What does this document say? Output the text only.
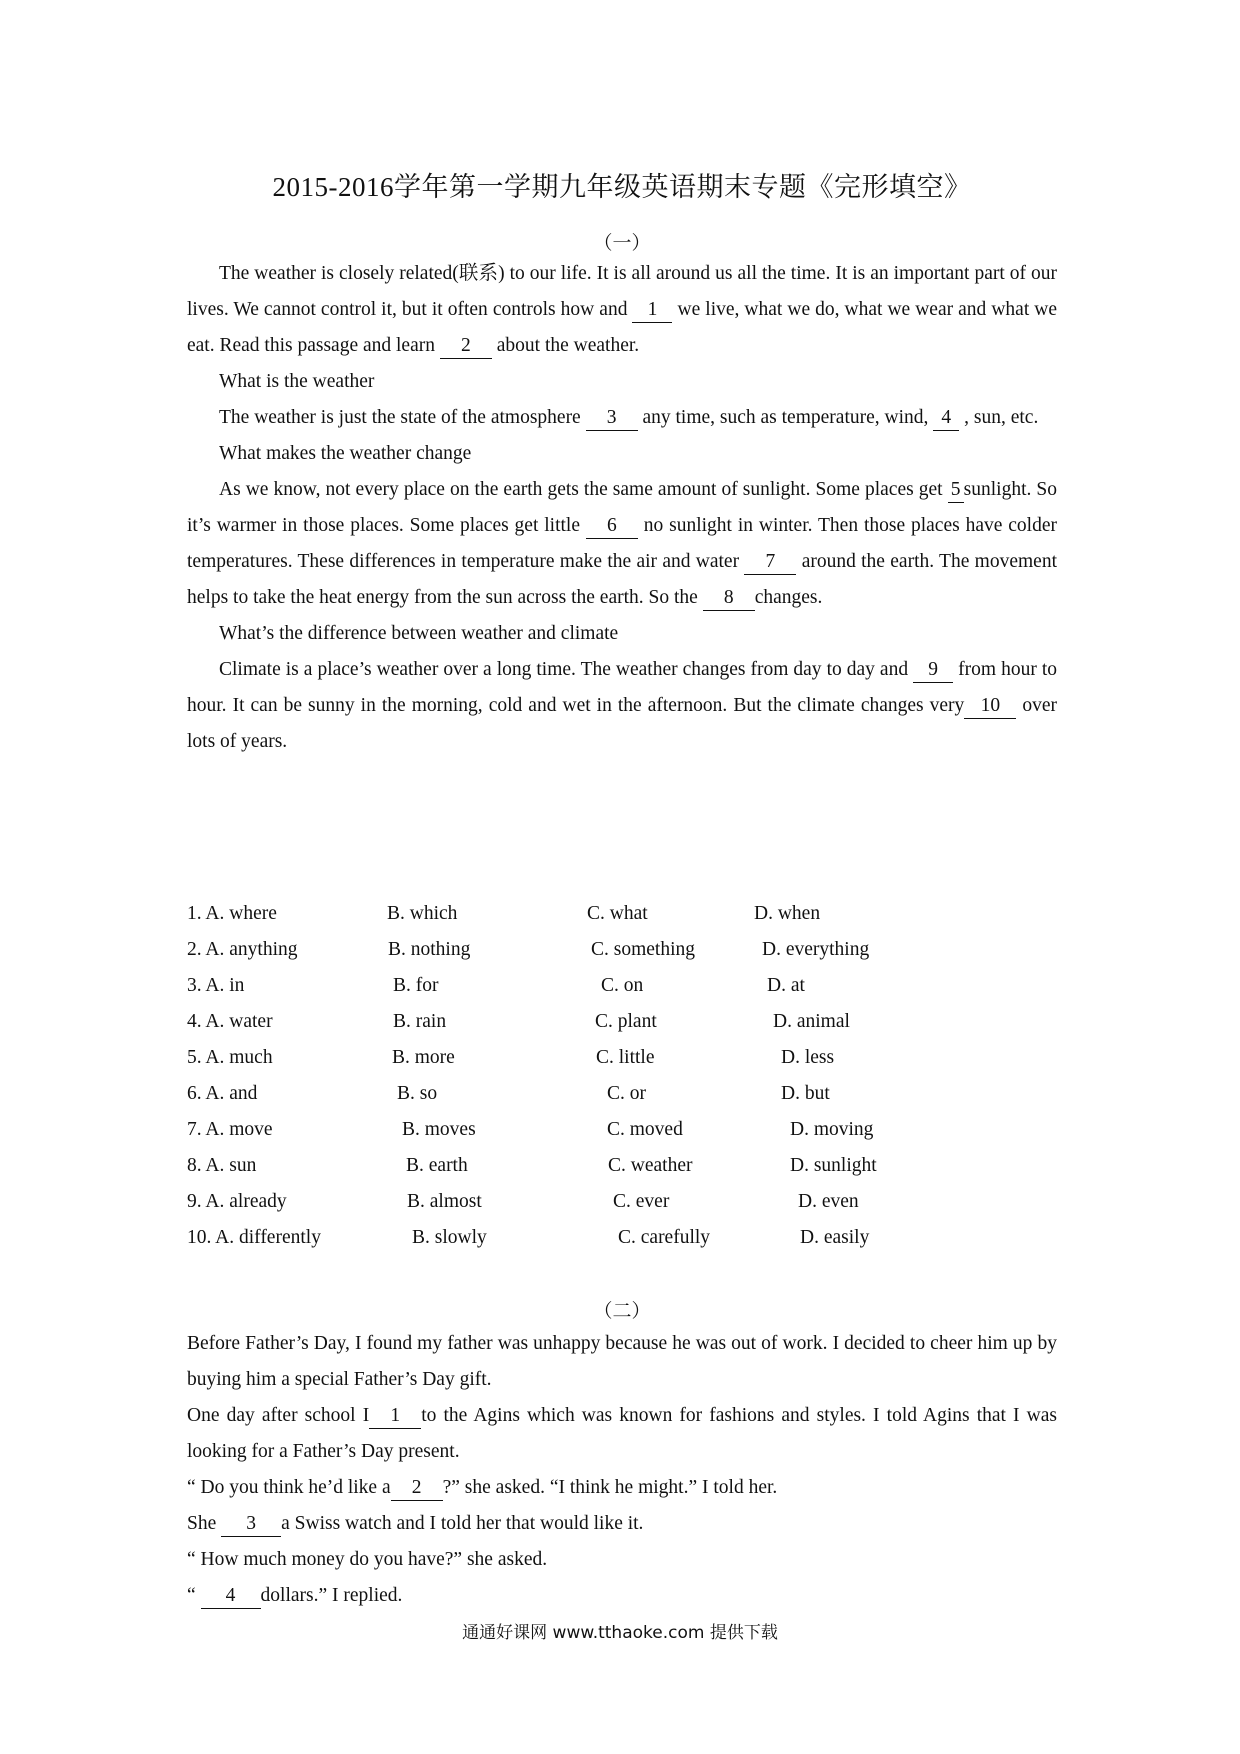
2015-2016学年第一学期九年级英语期末专题《完形填空》
（一）
The weather is closely related(联系) to our life. It is all around us all the time. It is an important part of our lives. We cannot control it, but it often controls how and 1 we live, what we do, what we wear and what we eat. Read this passage and learn 2 about the weather.
What is the weather
The weather is just the state of the atmosphere 3 any time, such as temperature, wind, 4 , sun, etc.
What makes the weather change
As we know, not every place on the earth gets the same amount of sunlight. Some places get 5 sunlight. So it’s warmer in those places. Some places get little 6 no sunlight in winter. Then those places have colder temperatures. These differences in temperature make the air and water 7 around the earth. The movement helps to take the heat energy from the sun across the earth. So the 8 changes.
What’s the difference between weather and climate
Climate is a place’s weather over a long time. The weather changes from day to day and 9 from hour to hour. It can be sunny in the morning, cold and wet in the afternoon. But the climate changes very 10 over lots of years.
1. A. where	B. which	C. what	D. when
2. A. anything	B. nothing	C. something	D. everything
3. A. in	B. for	C. on	D. at
4. A. water	B. rain	C. plant	D. animal
5. A. much	B. more	C. little	D. less
6. A. and	B. so	C. or	D. but
7. A. move	B. moves	C. moved	D. moving
8. A. sun	B. earth	C. weather	D. sunlight
9. A. already	B. almost	C. ever	D. even
10. A. differently	B. slowly	C. carefully	D. easily
（二）
Before Father’s Day, I found my father was unhappy because he was out of work. I decided to cheer him up by buying him a special Father’s Day gift.
One day after school I 1 to the Agins which was known for fashions and styles. I told Agins that I was looking for a Father’s Day present.
“ Do you think he’d like a 2 ?” she asked. “I think he might.” I told her.
She 3 a Swiss watch and I told her that would like it.
“ How much money do you have?” she asked.
“ 4 dollars.” I replied.
通通好课网 www.tthaoke.com 提供下载
